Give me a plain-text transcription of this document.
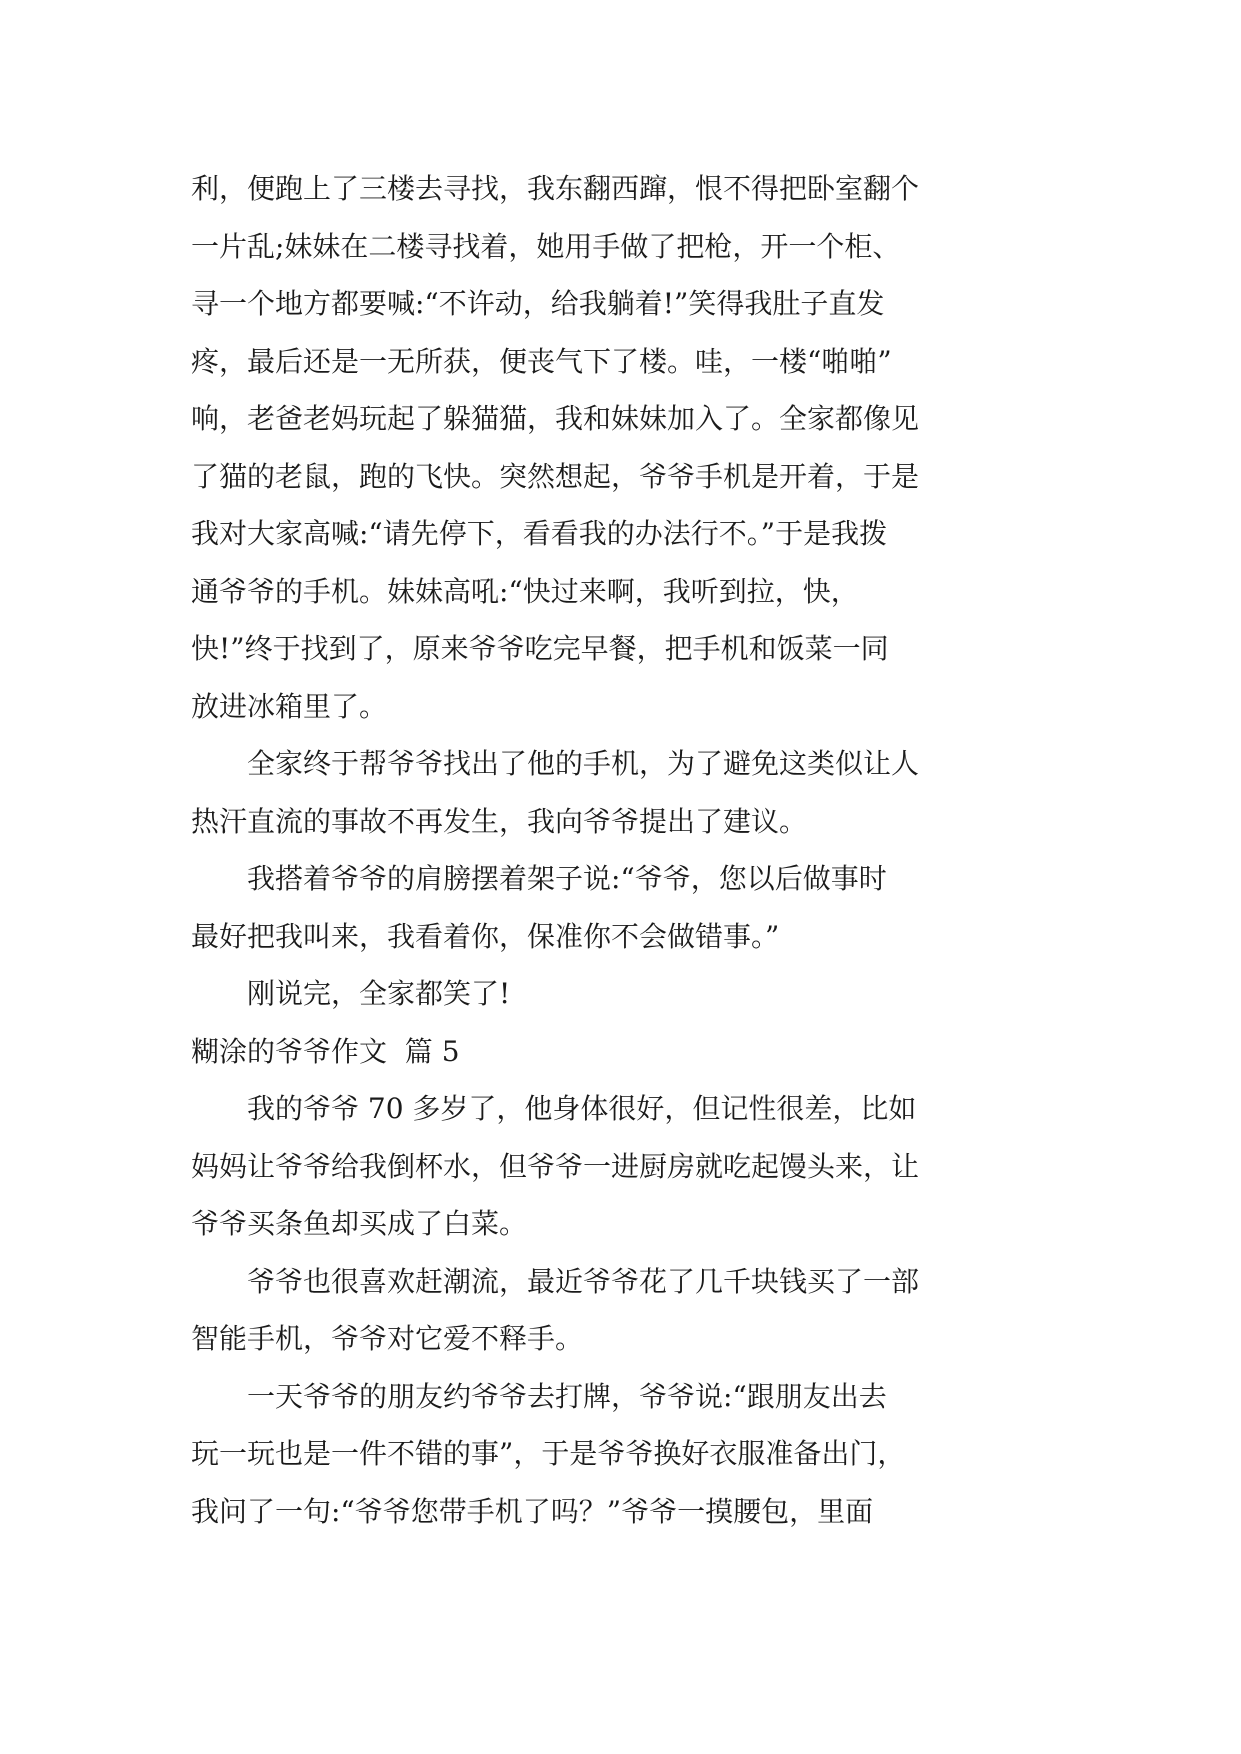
利，便跑上了三楼去寻找，我东翻西蹿，恨不得把卧室翻个
一片乱;妹妹在二楼寻找着，她用手做了把枪，开一个柜、
寻一个地方都要喊:“不许动，给我躺着!”笑得我肚子直发
疼，最后还是一无所获，便丧气下了楼。哇，一楼“啪啪”
响，老爸老妈玩起了躲猫猫，我和妹妹加入了。全家都像见
了猫的老鼠，跑的飞快。突然想起，爷爷手机是开着，于是
我对大家高喊:“请先停下，看看我的办法行不。”于是我拨
通爷爷的手机。妹妹高吼:“快过来啊，我听到拉，快，
快!”终于找到了，原来爷爷吃完早餐，把手机和饭菜一同
放进冰箱里了。
　　全家终于帮爷爷找出了他的手机，为了避免这类似让人
热汗直流的事故不再发生，我向爷爷提出了建议。
　　我搭着爷爷的肩膀摆着架子说:“爷爷，您以后做事时
最好把我叫来，我看着你，保准你不会做错事。”
　　刚说完，全家都笑了!
糊涂的爷爷作文  篇 5
　　我的爷爷 70 多岁了，他身体很好，但记性很差，比如
妈妈让爷爷给我倒杯水，但爷爷一进厨房就吃起馒头来，让
爷爷买条鱼却买成了白菜。
　　爷爷也很喜欢赶潮流，最近爷爷花了几千块钱买了一部
智能手机，爷爷对它爱不释手。
　　一天爷爷的朋友约爷爷去打牌，爷爷说:“跟朋友出去
玩一玩也是一件不错的事”，于是爷爷换好衣服准备出门，
我问了一句:“爷爷您带手机了吗？”爷爷一摸腰包，里面
